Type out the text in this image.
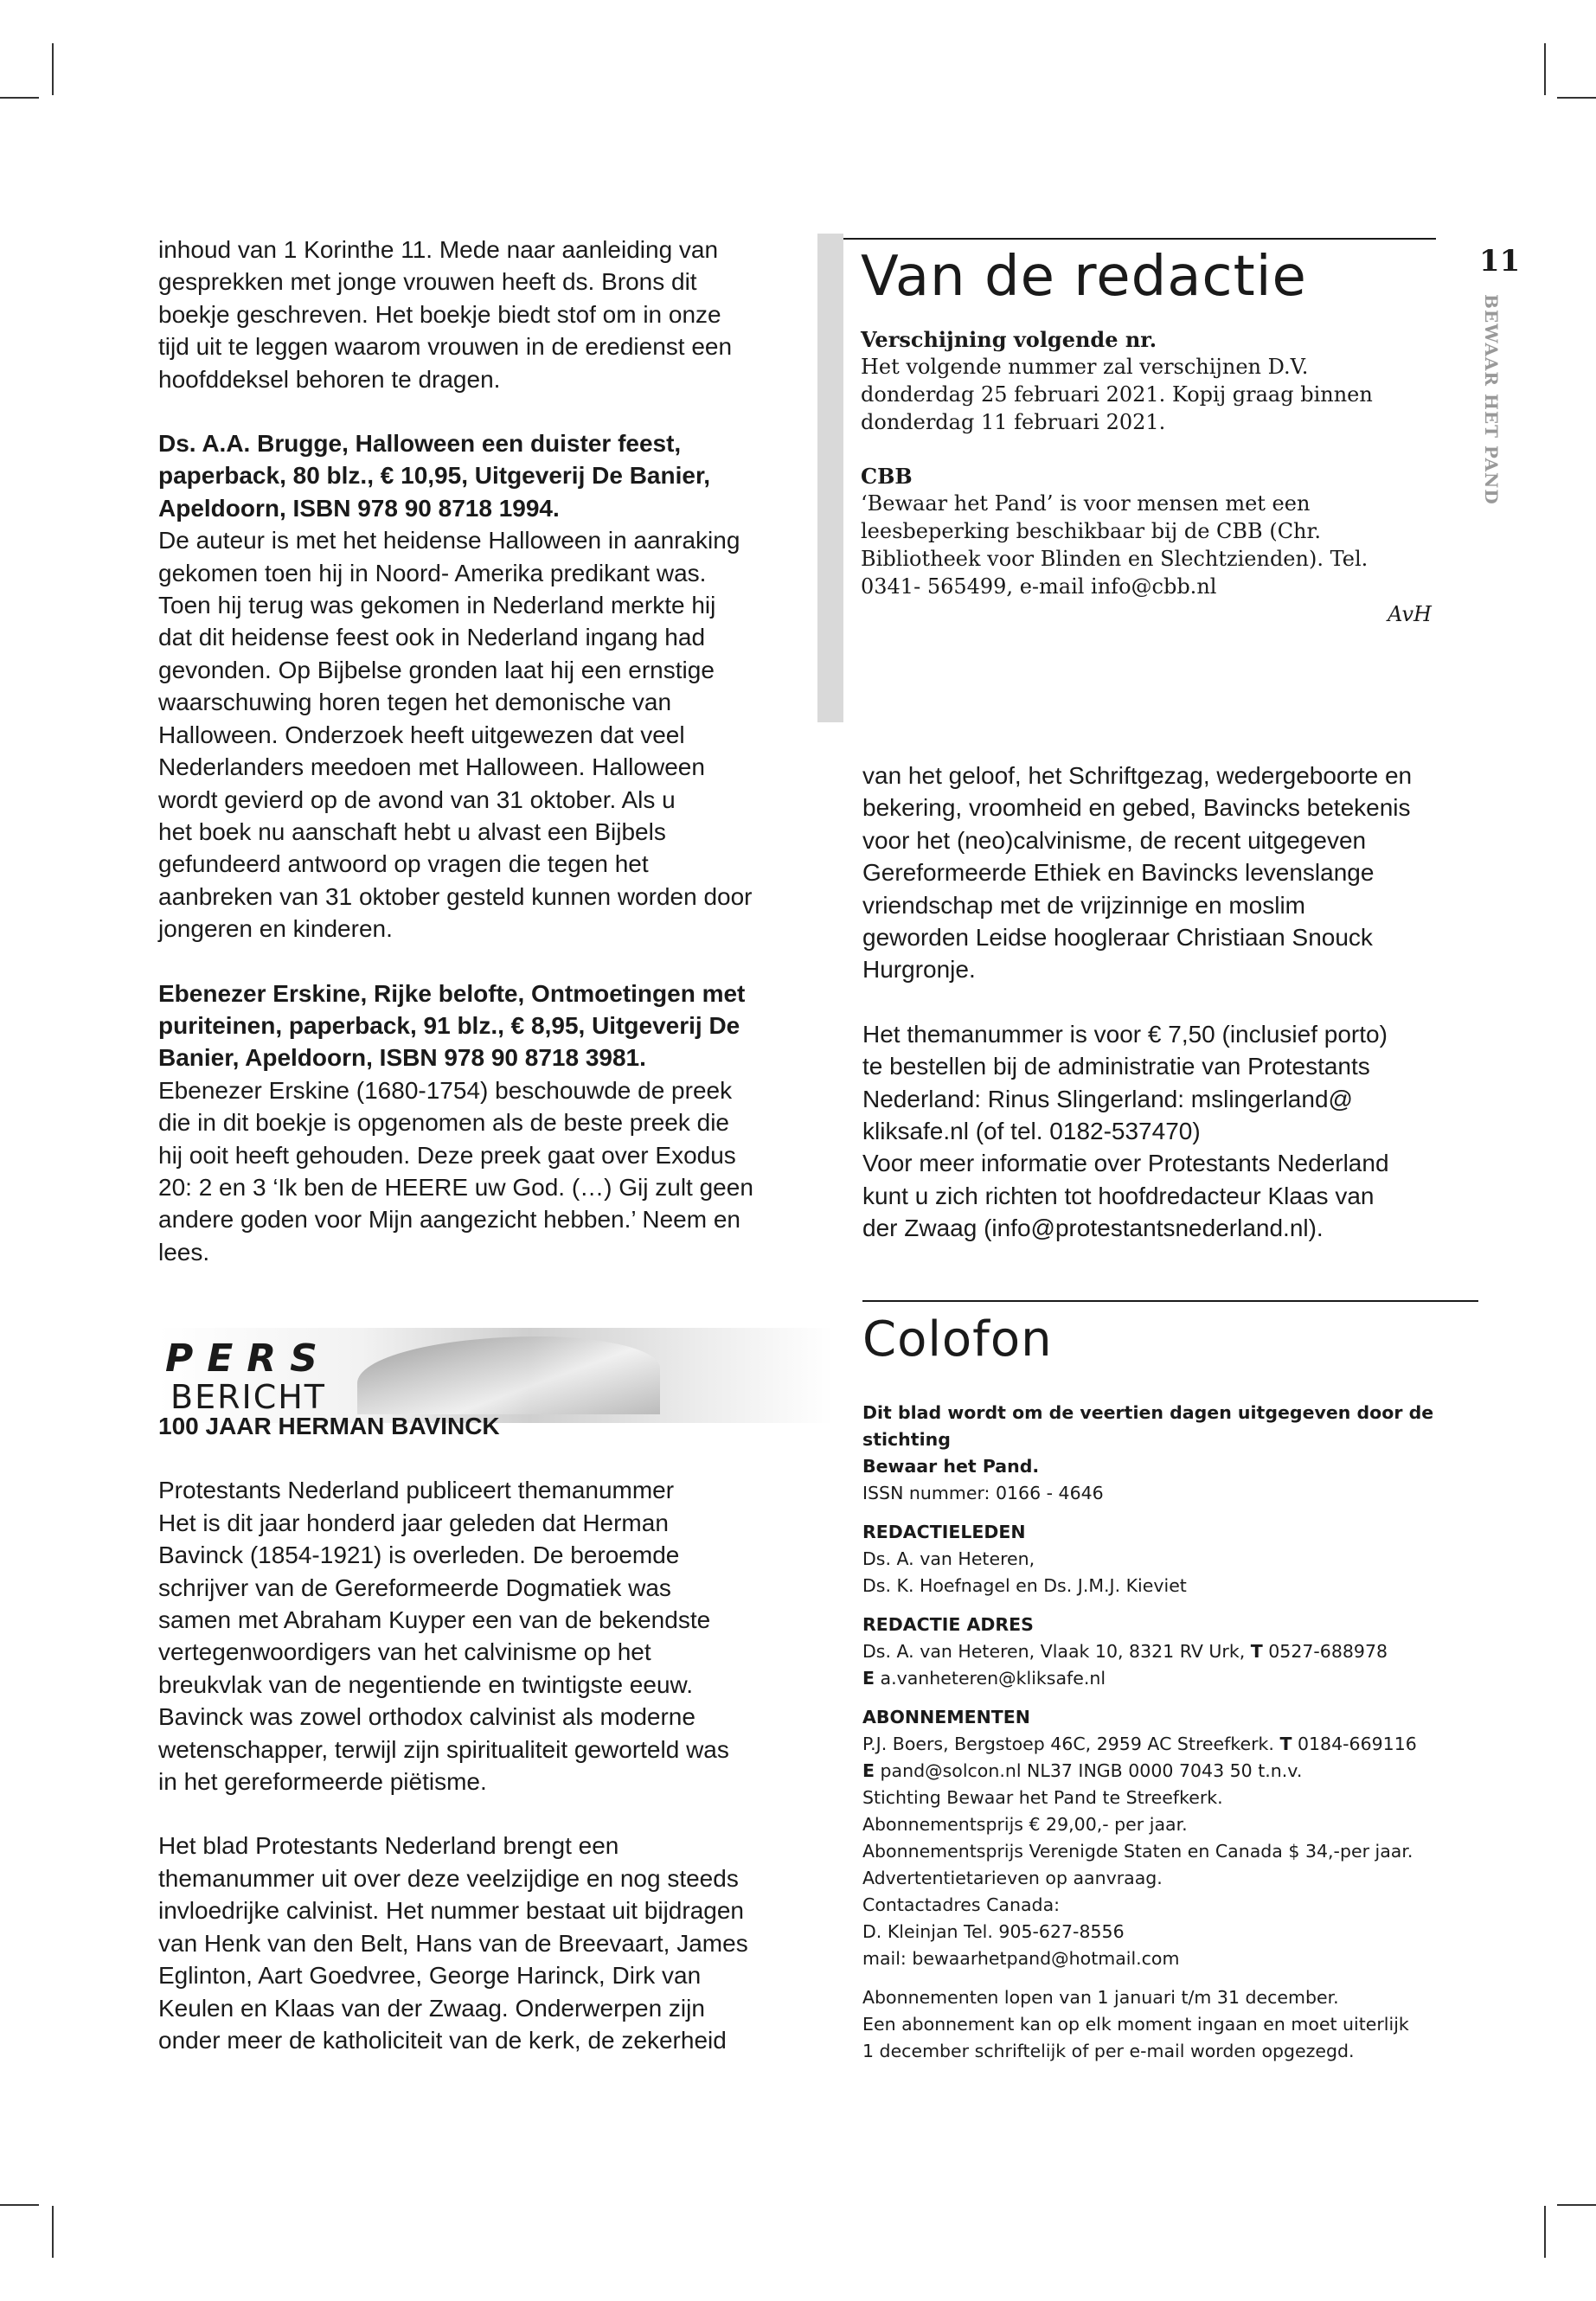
11
BEWAAR HET PAND

inhoud van 1 Korinthe 11. Mede naar aanleiding van

gesprekken met jonge vrouwen heeft ds. Brons dit

boekje geschreven. Het boekje biedt stof om in onze

tijd uit te leggen waarom vrouwen in de eredienst een

hoofddeksel behoren te dragen.

Ds. A.A. Brugge, Halloween een duister feest,

paperback, 80 blz., € 10,95, Uitgeverij De Banier,

Apeldoorn, ISBN 978 90 8718 1994.

De auteur is met het heidense Halloween in aanraking

gekomen toen hij in Noord- Amerika predikant was.

Toen hij terug was gekomen in Nederland merkte hij

dat dit heidense feest ook in Nederland ingang had

gevonden. Op Bijbelse gronden laat hij een ernstige

waarschuwing horen tegen het demonische van

Halloween. Onderzoek heeft uitgewezen dat veel

Nederlanders meedoen met Halloween. Halloween

wordt gevierd op de avond van 31 oktober. Als u

het boek nu aanschaft hebt u alvast een Bijbels

gefundeerd antwoord op vragen die tegen het

aanbreken van 31 oktober gesteld kunnen worden door

jongeren en kinderen.

Ebenezer Erskine, Rijke belofte, Ontmoetingen met

puriteinen, paperback, 91 blz., € 8,95, Uitgeverij De

Banier, Apeldoorn, ISBN 978 90 8718 3981.

Ebenezer Erskine (1680-1754) beschouwde de preek

die in dit boekje is opgenomen als de beste preek die

hij ooit heeft gehouden. Deze preek gaat over Exodus

20: 2 en 3 ‘Ik ben de HEERE uw God. (…) Gij zult geen

andere goden voor Mijn aangezicht hebben.’ Neem en

lees.

Van de redactie
Verschijning volgende nr.
Het volgende nummer zal verschijnen D.V.
donderdag 25 februari 2021. Kopij graag binnen
donderdag 11 februari 2021.
CBB
‘Bewaar het Pand’ is voor mensen met een
leesbeperking beschikbaar bij de CBB (Chr.
Bibliotheek voor Blinden en Slechtzienden). Tel.
0341- 565499, e-mail info@cbb.nl
AvH

van het geloof, het Schriftgezag, wedergeboorte en

bekering, vroomheid en gebed, Bavincks betekenis

voor het (neo)calvinisme, de recent uitgegeven

Gereformeerde Ethiek en Bavincks levenslange

vriendschap met de vrijzinnige en moslim

geworden Leidse hoogleraar Christiaan Snouck

Hurgronje.

Het themanummer is voor € 7,50 (inclusief porto)

te bestellen bij de administratie van Protestants

Nederland: Rinus Slingerland: mslingerland@

kliksafe.nl (of tel. 0182-537470)

Voor meer informatie over Protestants Nederland

kunt u zich richten tot hoofdredacteur Klaas van

der Zwaag (info@protestantsnederland.nl).

PERS
BERICHT

100 JAAR HERMAN BAVINCK

Protestants Nederland publiceert themanummer

Het is dit jaar honderd jaar geleden dat Herman

Bavinck (1854-1921) is overleden. De beroemde

schrijver van de Gereformeerde Dogmatiek was

samen met Abraham Kuyper een van de bekendste

vertegenwoordigers van het calvinisme op het

breukvlak van de negentiende en twintigste eeuw.

Bavinck was zowel orthodox calvinist als moderne

wetenschapper, terwijl zijn spiritualiteit geworteld was

in het gereformeerde piëtisme.

Het blad Protestants Nederland brengt een

themanummer uit over deze veelzijdige en nog steeds

invloedrijke calvinist. Het nummer bestaat uit bijdragen

van Henk van den Belt, Hans van de Breevaart, James

Eglinton, Aart Goedvree, George Harinck, Dirk van

Keulen en Klaas van der Zwaag. Onderwerpen zijn

onder meer de katholiciteit van de kerk, de zekerheid

Colofon
Dit blad wordt om de veertien dagen uitgegeven door de stichting
Bewaar het Pand.
ISSN nummer: 0166 - 4646
REDACTIELEDEN
Ds. A. van Heteren,
Ds. K. Hoefnagel en Ds. J.M.J. Kieviet
REDACTIE ADRES
Ds. A. van Heteren, Vlaak 10, 8321 RV Urk, T 0527-688978
E a.vanheteren@kliksafe.nl
ABONNEMENTEN
P.J. Boers, Bergstoep 46C, 2959 AC Streefkerk. T 0184-669116
E pand@solcon.nl NL37 INGB 0000 7043 50 t.n.v.
Stichting Bewaar het Pand te Streefkerk.
Abonnementsprijs € 29,00,- per jaar.
Abonnementsprijs Verenigde Staten en Canada $ 34,-per jaar.
Advertentietarieven op aanvraag.
Contactadres Canada:
D. Kleinjan Tel. 905-627-8556
mail: bewaarhetpand@hotmail.com
Abonnementen lopen van 1 januari t/m 31 december.
Een abonnement kan op elk moment ingaan en moet uiterlijk
1 december schriftelijk of per e-mail worden opgezegd.
